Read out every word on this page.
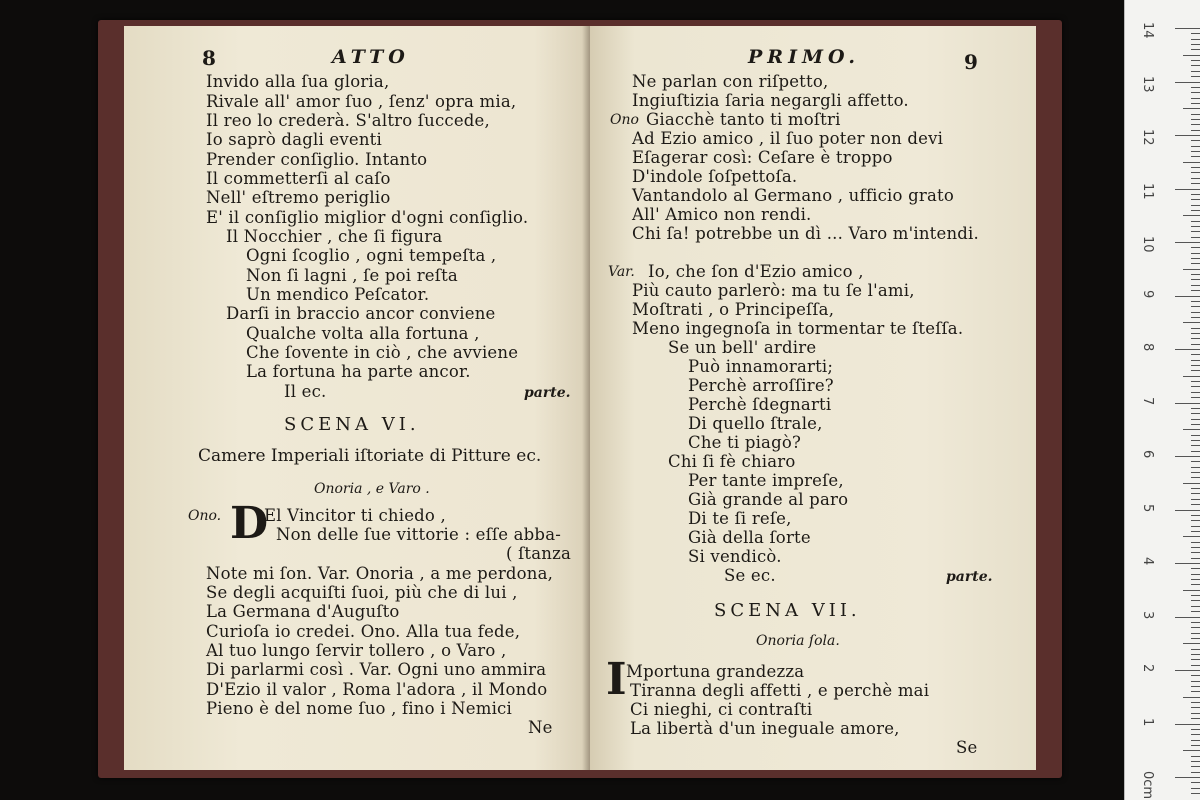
8	ATTO
Invido alla ſua gloria,
Rivale all' amor ſuo , ſenz' opra mia,
Il reo lo crederà. S'altro ſuccede,
Io saprò dagli eventi
Prender conſiglio. Intanto
Il commetterſi al caſo
Nell' eſtremo periglio
E' il conſiglio miglior d'ogni conſiglio.
Il Nocchier , che ſi figura
Ogni ſcoglio , ogni tempeſta ,
Non ſi lagni , ſe poi reſta
Un mendico Peſcator.
Darſi in braccio ancor conviene
Qualche volta alla fortuna ,
Che ſovente in ciò , che avviene
La fortuna ha parte ancor.
Il ec.	parte.
SCENA VI.
Camere Imperiali iſtoriate di Pitture ec.
Onoria , e Varo .
Ono. D
El Vincitor ti chiedo ,
Non delle ſue vittorie : eſſe abba-
( ſtanza
Note mi ſon. Var. Onoria , a me perdona,
Se degli acquiſti ſuoi, più che di lui ,
La Germana d'Auguſto
Curioſa io credei. Ono. Alla tua fede,
Al tuo lungo ſervir tollero , o Varo ,
Di parlarmi così . Var. Ogni uno ammira
D'Ezio il valor , Roma l'adora , il Mondo
Pieno è del nome ſuo , fino i Nemici
Ne
PRIMO.	9
Ne parlan con riſpetto,
Ingiuſtizia ſaria negargli affetto.
Ono Giacchè tanto ti moſtri
Ad Ezio amico , il ſuo poter non devi
Eſagerar così: Ceſare è troppo
D'indole ſoſpettoſa.
Vantandolo al Germano , ufficio grato
All' Amico non rendi.
Chi ſa! potrebbe un dì ... Varo m'intendi.
Var. Io, che ſon d'Ezio amico ,
Più cauto parlerò: ma tu ſe l'ami,
Moſtrati , o Principeſſa,
Meno ingegnoſa in tormentar te ſteſſa.
Se un bell' ardire
Può innamorarti;
Perchè arroſſire?
Perchè ſdegnarti
Di quello ſtrale,
Che ti piagò?
Chi ſi fè chiaro
Per tante impreſe,
Già grande al paro
Di te ſi reſe,
Già della ſorte
Si vendicò.
Se ec.	parte.
SCENA VII.
Onoria ſola.
I Mportuna grandezza
Tiranna degli affetti , e perchè mai
Ci nieghi, ci contraſti
La libertà d'un ineguale amore,
Se
14
13
12
11
10
9
8
7
6
5
4
3
2
1
0cm
